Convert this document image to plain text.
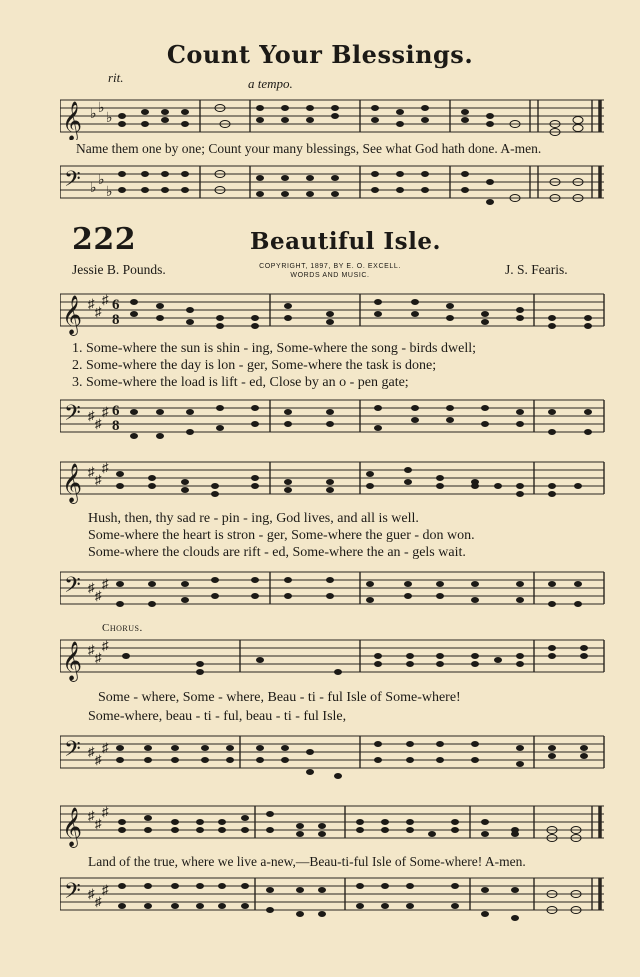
Count Your Blessings.
rit.	a tempo.
𝄞 ♭ ♭
♭
Name them one by one; Count your many blessings, See what God hath done. A-men.
𝄢 ♭
♭
♭
222	Beautiful Isle.
Jessie B. Pounds.	COPYRIGHT, 1897, BY E. O. EXCELL.
WORDS AND MUSIC.	J. S. Fearis.
𝄞 ♯
♯
♯ 6
8
1. Some-where the sun is shin - ing, Some-where the song - birds dwell;
2. Some-where the day is lon - ger, Some-where the task is done;
3. Some-where the load is lift - ed, Close by an o - pen gate;
𝄢 ♯
♯
♯ 6
8
𝄞 ♯
♯
♯
Hush, then, thy sad re - pin - ing, God lives, and all is well.
Some-where the heart is stron - ger, Some-where the guer - don won.
Some-where the clouds are rift - ed, Some-where the an - gels wait.
𝄢 ♯
♯
♯
Chorus.
𝄞 ♯
♯
♯
Some - where, Some - where, Beau - ti - ful Isle of Some-where!
Some-where, beau - ti - ful, beau - ti - ful Isle,
𝄢 ♯
♯
♯
𝄞 ♯
♯
♯
Land of the true, where we live a-new,—Beau-ti-ful Isle of Some-where! A-men.
𝄢 ♯
♯
♯
